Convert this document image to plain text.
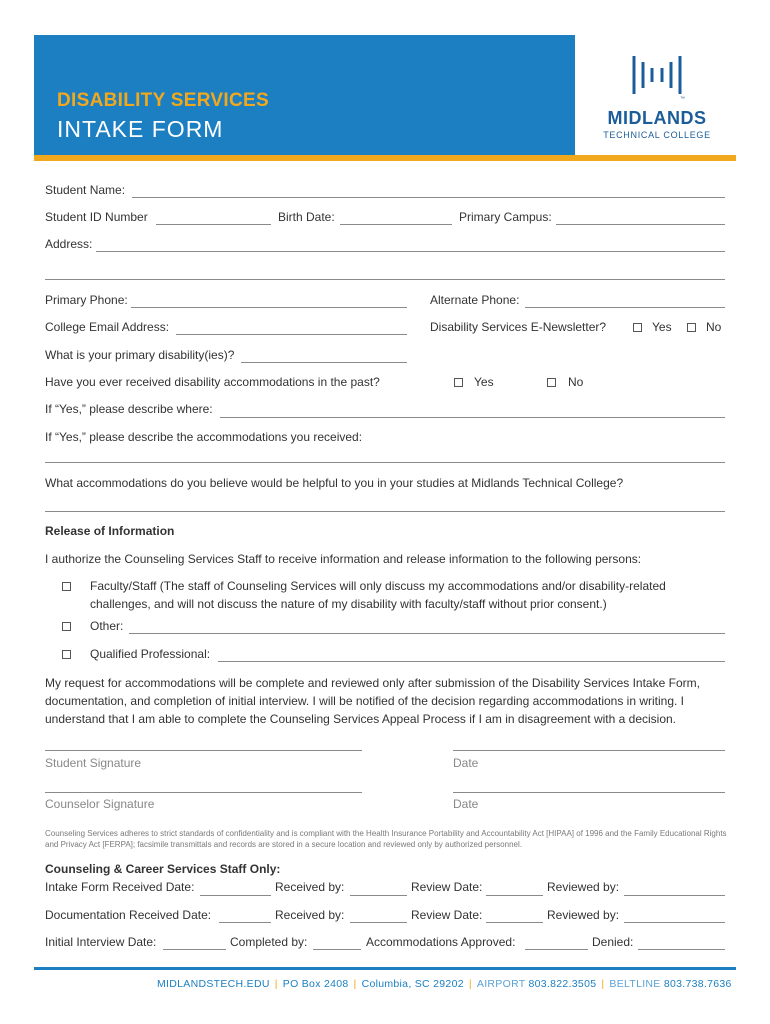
DISABILITY SERVICES
INTAKE FORM
™
MIDLANDS
TECHNICAL COLLEGE
Student Name:
Student ID Number	Birth Date:	Primary Campus:
Address:
Primary Phone:	Alternate Phone:
College Email Address:	Disability Services E-Newsletter?	Yes	No
What is your primary disability(ies)?
Have you ever received disability accommodations in the past?	Yes	No
If “Yes,” please describe where:
If “Yes,” please describe the accommodations you received:
What accommodations do you believe would be helpful to you in your studies at Midlands Technical College?
Release of Information
I authorize the Counseling Services Staff to receive information and release information to the following persons:
Faculty/Staff (The staff of Counseling Services will only discuss my accommodations and/or disability-related
challenges, and will not discuss the nature of my disability with faculty/staff without prior consent.)
Other:
Qualified Professional:
My request for accommodations will be complete and reviewed only after submission of the Disability Services Intake Form, documentation, and completion of initial interview. I will be notified of the decision regarding accommodations in writing. I understand that I am able to complete the Counseling Services Appeal Process if I am in disagreement with a decision.
Student Signature	Date
Counselor Signature	Date
Counseling Services adheres to strict standards of confidentiality and is compliant with the Health Insurance Portability and Accountability Act [HIPAA] of 1996 and the Family Educational Rights and Privacy Act [FERPA]; facsimile transmittals and records are stored in a secure location and reviewed only by authorized personnel.
Counseling & Career Services Staff Only:
Intake Form Received Date:	Received by:	Review Date:	Reviewed by:
Documentation Received Date:	Received by:	Review Date:	Reviewed by:
Initial Interview Date:	Completed by:	Accommodations Approved:	Denied:
MIDLANDSTECH.EDU | PO Box 2408 | Columbia, SC 29202 | AIRPORT 803.822.3505 | BELTLINE 803.738.7636
